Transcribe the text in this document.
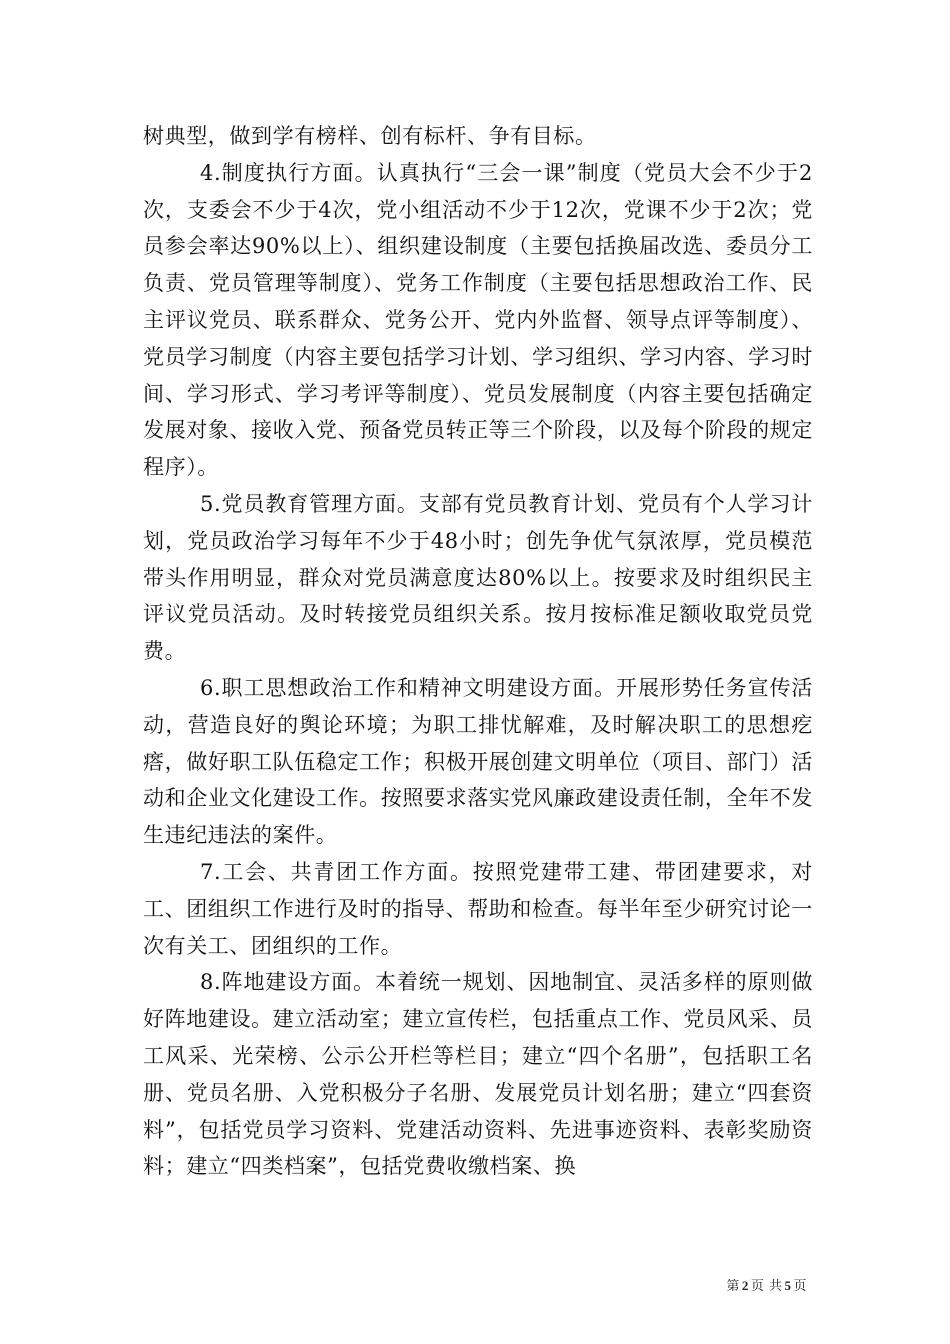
树典型，做到学有榜样、创有标杆、争有目标。

4.制度执行方面。认真执行“三会一课”制度（党员大会不少于2次，支委会不少于4次，党小组活动不少于12次，党课不少于2次；党员参会率达90%以上）、组织建设制度（主要包括换届改选、委员分工负责、党员管理等制度）、党务工作制度（主要包括思想政治工作、民主评议党员、联系群众、党务公开、党内外监督、领导点评等制度）、党员学习制度（内容主要包括学习计划、学习组织、学习内容、学习时间、学习形式、学习考评等制度）、党员发展制度（内容主要包括确定发展对象、接收入党、预备党员转正等三个阶段，以及每个阶段的规定程序）。

5.党员教育管理方面。支部有党员教育计划、党员有个人学习计划，党员政治学习每年不少于48小时；创先争优气氛浓厚，党员模范带头作用明显，群众对党员满意度达80%以上。按要求及时组织民主评议党员活动。及时转接党员组织关系。按月按标准足额收取党员党费。

6.职工思想政治工作和精神文明建设方面。开展形势任务宣传活动，营造良好的舆论环境；为职工排忧解难，及时解决职工的思想疙瘩，做好职工队伍稳定工作；积极开展创建文明单位（项目、部门）活动和企业文化建设工作。按照要求落实党风廉政建设责任制，全年不发生违纪违法的案件。

7.工会、共青团工作方面。按照党建带工建、带团建要求，对工、团组织工作进行及时的指导、帮助和检查。每半年至少研究讨论一次有关工、团组织的工作。

8.阵地建设方面。本着统一规划、因地制宜、灵活多样的原则做好阵地建设。建立活动室；建立宣传栏，包括重点工作、党员风采、员工风采、光荣榜、公示公开栏等栏目；建立“四个名册”，包括职工名册、党员名册、入党积极分子名册、发展党员计划名册；建立“四套资料”，包括党员学习资料、党建活动资料、先进事迹资料、表彰奖励资料；建立“四类档案”，包括党费收缴档案、换

第 2 页 共 5 页
